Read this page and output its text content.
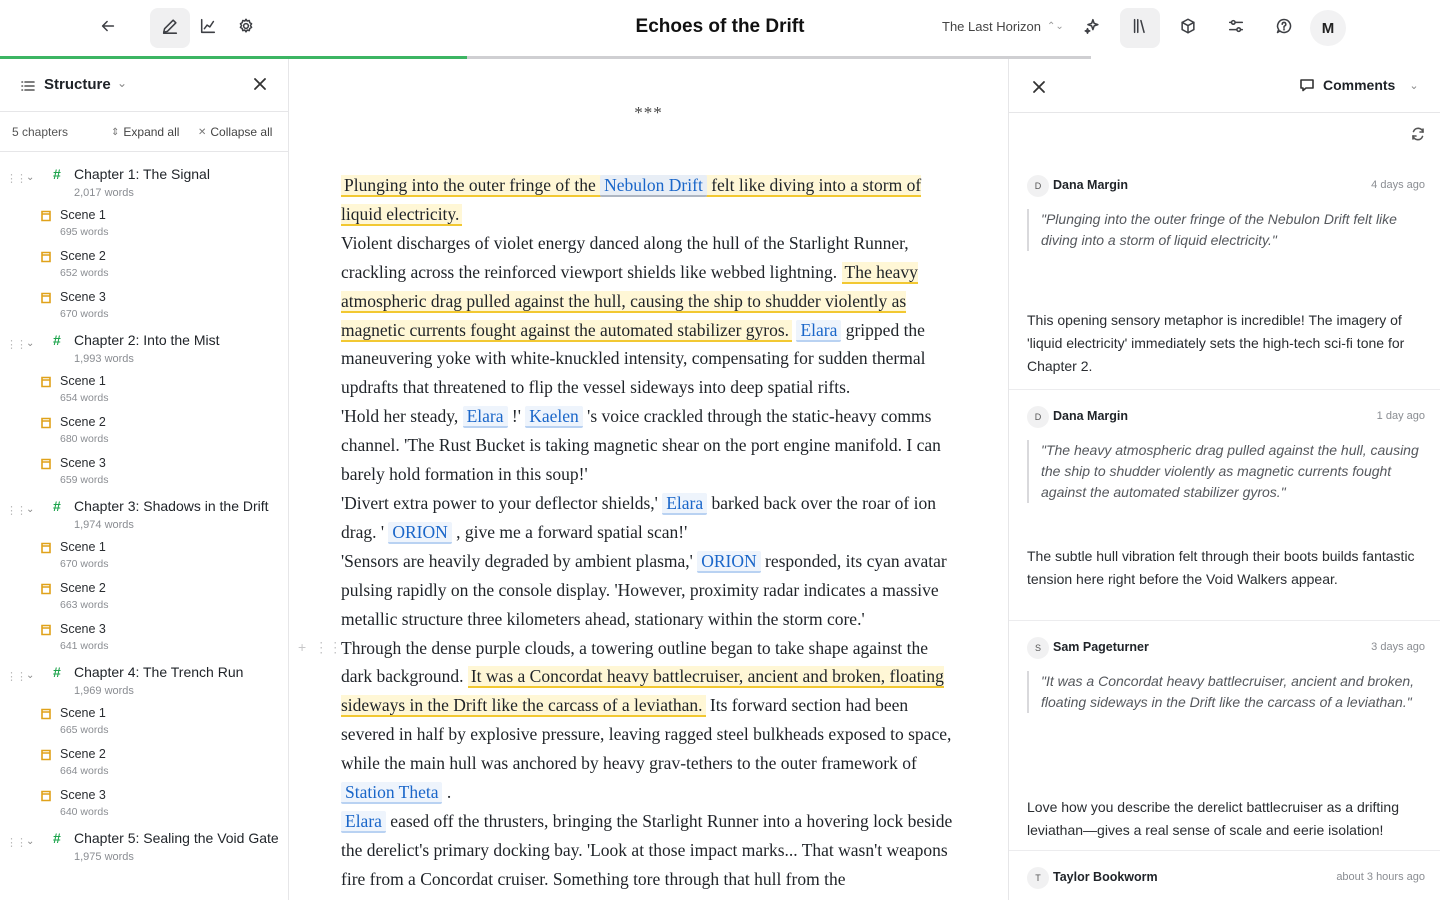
Echoes of the Drift	The Last Horizon ⌃⌄	M
Structure ⌄
5 chapters	⇕ Expand all ✕ Collapse all
⋮⋮ ⌄ # Chapter 1: The Signal
2,017 words
Scene 1
695 words
Scene 2
652 words
Scene 3
670 words
⋮⋮ ⌄ # Chapter 2: Into the Mist
1,993 words
Scene 1
654 words
Scene 2
680 words
Scene 3
659 words
⋮⋮ ⌄ # Chapter 3: Shadows in the Drift
1,974 words
Scene 1
670 words
Scene 2
663 words
Scene 3
641 words
⋮⋮ ⌄ # Chapter 4: The Trench Run
1,969 words
Scene 1
665 words
Scene 2
664 words
Scene 3
640 words
⋮⋮ ⌄ # Chapter 5: Sealing the Void Gate
1,975 words
***
+ ⋮⋮

Plunging into the outer fringe of the Nebulon Drift felt like diving into a storm of liquid electricity.

Violent discharges of violet energy danced along the hull of the Starlight Runner, crackling across the reinforced viewport shields like webbed lightning. The heavy atmospheric drag pulled against the hull, causing the ship to shudder violently as magnetic currents fought against the automated stabilizer gyros. Elara gripped the maneuvering yoke with white-knuckled intensity, compensating for sudden thermal updrafts that threatened to flip the vessel sideways into deep spatial rifts.

'Hold her steady, Elara !' Kaelen 's voice crackled through the static-heavy comms channel. 'The Rust Bucket is taking magnetic shear on the port engine manifold. I can barely hold formation in this soup!'

'Divert extra power to your deflector shields,' Elara barked back over the roar of ion drag. ' ORION , give me a forward spatial scan!'

'Sensors are heavily degraded by ambient plasma,' ORION responded, its cyan avatar pulsing rapidly on the console display. 'However, proximity radar indicates a massive metallic structure three kilometers ahead, stationary within the storm core.'

Through the dense purple clouds, a towering outline began to take shape against the dark background. It was a Concordat heavy battlecruiser, ancient and broken, floating sideways in the Drift like the carcass of a leviathan. Its forward section had been severed in half by explosive pressure, leaving ragged steel bulkheads exposed to space, while the main hull was anchored by heavy grav-tethers to the outer framework of Station Theta .

Elara eased off the thrusters, bringing the Starlight Runner into a hovering lock beside the derelict's primary docking bay. 'Look at those impact marks... That wasn't weapons fire from a Concordat cruiser. Something tore through that hull from the

Comments ⌄
D Dana Margin	4 days ago
"Plunging into the outer fringe of the Nebulon Drift felt like diving into a storm of liquid electricity."
This opening sensory metaphor is incredible! The imagery of 'liquid electricity' immediately sets the high-tech sci-fi tone for Chapter 2.
D Dana Margin	1 day ago
"The heavy atmospheric drag pulled against the hull, causing the ship to shudder violently as magnetic currents fought against the automated stabilizer gyros."
The subtle hull vibration felt through their boots builds fantastic tension here right before the Void Walkers appear.
S Sam Pageturner	3 days ago
"It was a Concordat heavy battlecruiser, ancient and broken, floating sideways in the Drift like the carcass of a leviathan."
Love how you describe the derelict battlecruiser as a drifting leviathan—gives a real sense of scale and eerie isolation!
T Taylor Bookworm	about 3 hours ago
